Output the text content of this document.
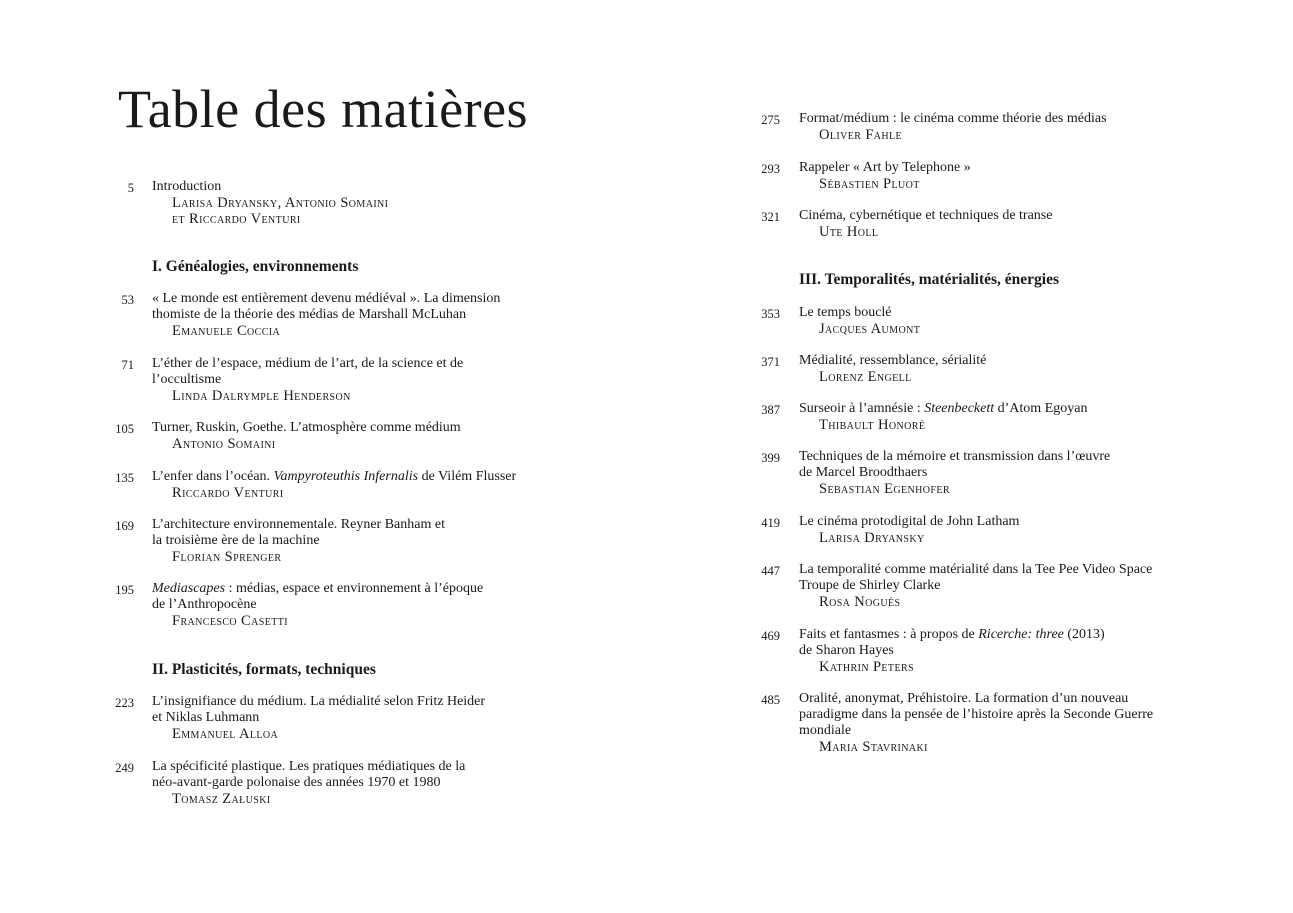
Table des matières
5 Introduction
Larisa Dryansky, Antonio Somaini
et Riccardo Venturi
I. Généalogies, environnements
53 « Le monde est entièrement devenu médiéval ». La dimension
thomiste de la théorie des médias de Marshall McLuhan
Emanuele Coccia
71 L’éther de l’espace, médium de l’art, de la science et de
l’occultisme
Linda Dalrymple Henderson
105 Turner, Ruskin, Goethe. L’atmosphère comme médium
Antonio Somaini
135 L’enfer dans l’océan. Vampyroteuthis Infernalis de Vilém Flusser
Riccardo Venturi
169 L’architecture environnementale. Reyner Banham et
la troisième ère de la machine
Florian Sprenger
195 Mediascapes : médias, espace et environnement à l’époque
de l’Anthropocène
Francesco Casetti
II. Plasticités, formats, techniques
223 L’insignifiance du médium. La médialité selon Fritz Heider
et Niklas Luhmann
Emmanuel Alloa
249 La spécificité plastique. Les pratiques médiatiques de la
néo-avant-garde polonaise des années 1970 et 1980
Tomasz Załuski
275 Format/médium : le cinéma comme théorie des médias
Oliver Fahle
293 Rappeler « Art by Telephone »
Sébastien Pluot
321 Cinéma, cybernétique et techniques de transe
Ute Holl
III. Temporalités, matérialités, énergies
353 Le temps bouclé
Jacques Aumont
371 Médialité, ressemblance, sérialité
Lorenz Engell
387 Surseoir à l’amnésie : Steenbeckett d’Atom Egoyan
Thibault Honoré
399 Techniques de la mémoire et transmission dans l’œuvre
de Marcel Broodthaers
Sebastian Egenhofer
419 Le cinéma protodigital de John Latham
Larisa Dryansky
447 La temporalité comme matérialité dans la Tee Pee Video Space
Troupe de Shirley Clarke
Rosa Nogués
469 Faits et fantasmes : à propos de Ricerche: three (2013)
de Sharon Hayes
Kathrin Peters
485 Oralité, anonymat, Préhistoire. La formation d’un nouveau
paradigme dans la pensée de l’histoire après la Seconde Guerre
mondiale
Maria Stavrinaki
